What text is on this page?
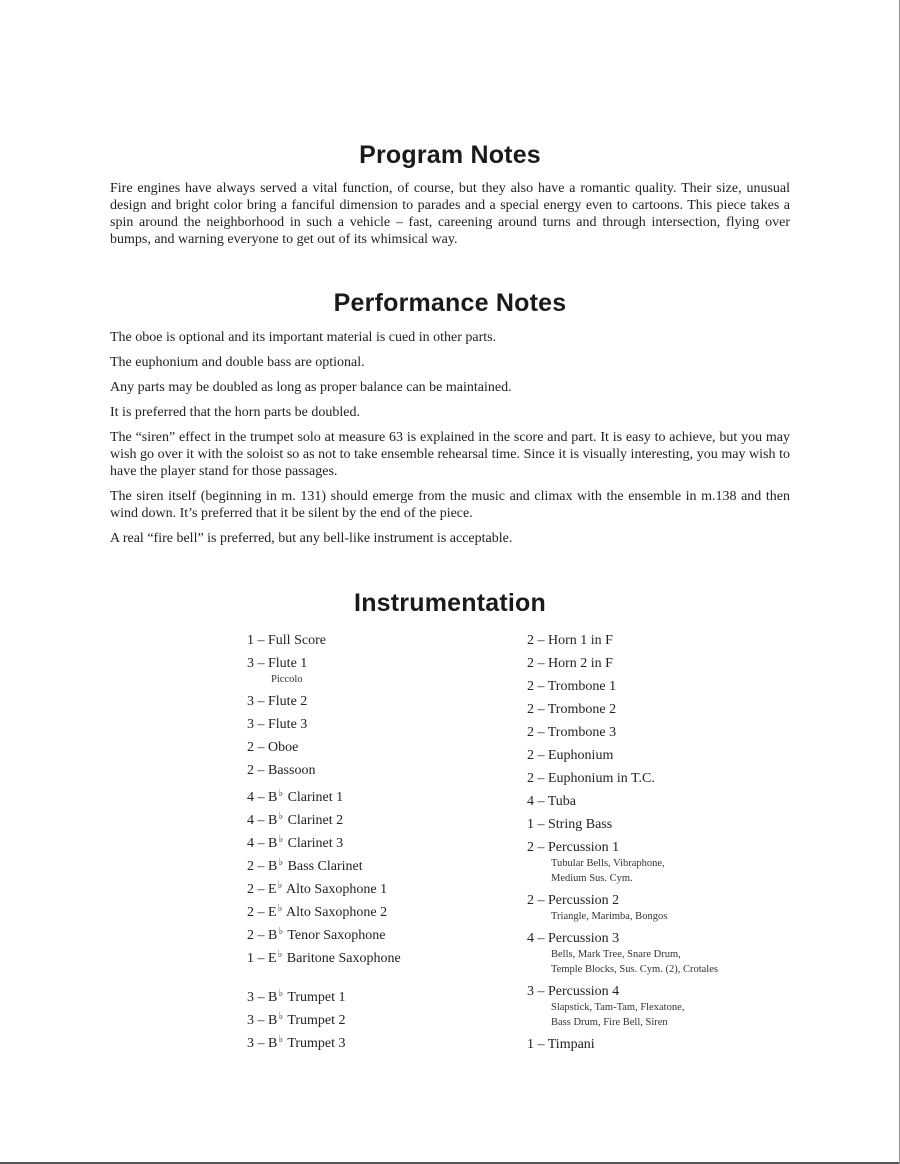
Program Notes
Fire engines have always served a vital function, of course, but they also have a romantic quality. Their size, unusual design and bright color bring a fanciful dimension to parades and a special energy even to cartoons. This piece takes a spin around the neighborhood in such a vehicle – fast, careening around turns and through intersection, flying over bumps, and warning everyone to get out of its whimsical way.
Performance Notes

The oboe is optional and its important material is cued in other parts.

The euphonium and double bass are optional.

Any parts may be doubled as long as proper balance can be maintained.

It is preferred that the horn parts be doubled.

The “siren” effect in the trumpet solo at measure 63 is explained in the score and part. It is easy to achieve, but you may wish go over it with the soloist so as not to take ensemble rehearsal time. Since it is visually interesting, you may wish to have the player stand for those passages.

The siren itself (beginning in m. 131) should emerge from the music and climax with the ensemble in m.138 and then wind down. It’s preferred that it be silent by the end of the piece.

A real “fire bell” is preferred, but any bell-like instrument is acceptable.

Instrumentation
1 – Full Score
3 – Flute 1
Piccolo
3 – Flute 2
3 – Flute 3
2 – Oboe
2 – Bassoon
4 – B♭ Clarinet 1
4 – B♭ Clarinet 2
4 – B♭ Clarinet 3
2 – B♭ Bass Clarinet
2 – E♭ Alto Saxophone 1
2 – E♭ Alto Saxophone 2
2 – B♭ Tenor Saxophone
1 – E♭ Baritone Saxophone
3 – B♭ Trumpet 1
3 – B♭ Trumpet 2
3 – B♭ Trumpet 3
2 – Horn 1 in F
2 – Horn 2 in F
2 – Trombone 1
2 – Trombone 2
2 – Trombone 3
2 – Euphonium
2 – Euphonium in T.C.
4 – Tuba
1 – String Bass
2 – Percussion 1
Tubular Bells, Vibraphone,
Medium Sus. Cym.
2 – Percussion 2
Triangle, Marimba, Bongos
4 – Percussion 3
Bells, Mark Tree, Snare Drum,
Temple Blocks, Sus. Cym. (2), Crotales
3 – Percussion 4
Slapstick, Tam-Tam, Flexatone,
Bass Drum, Fire Bell, Siren
1 – Timpani
